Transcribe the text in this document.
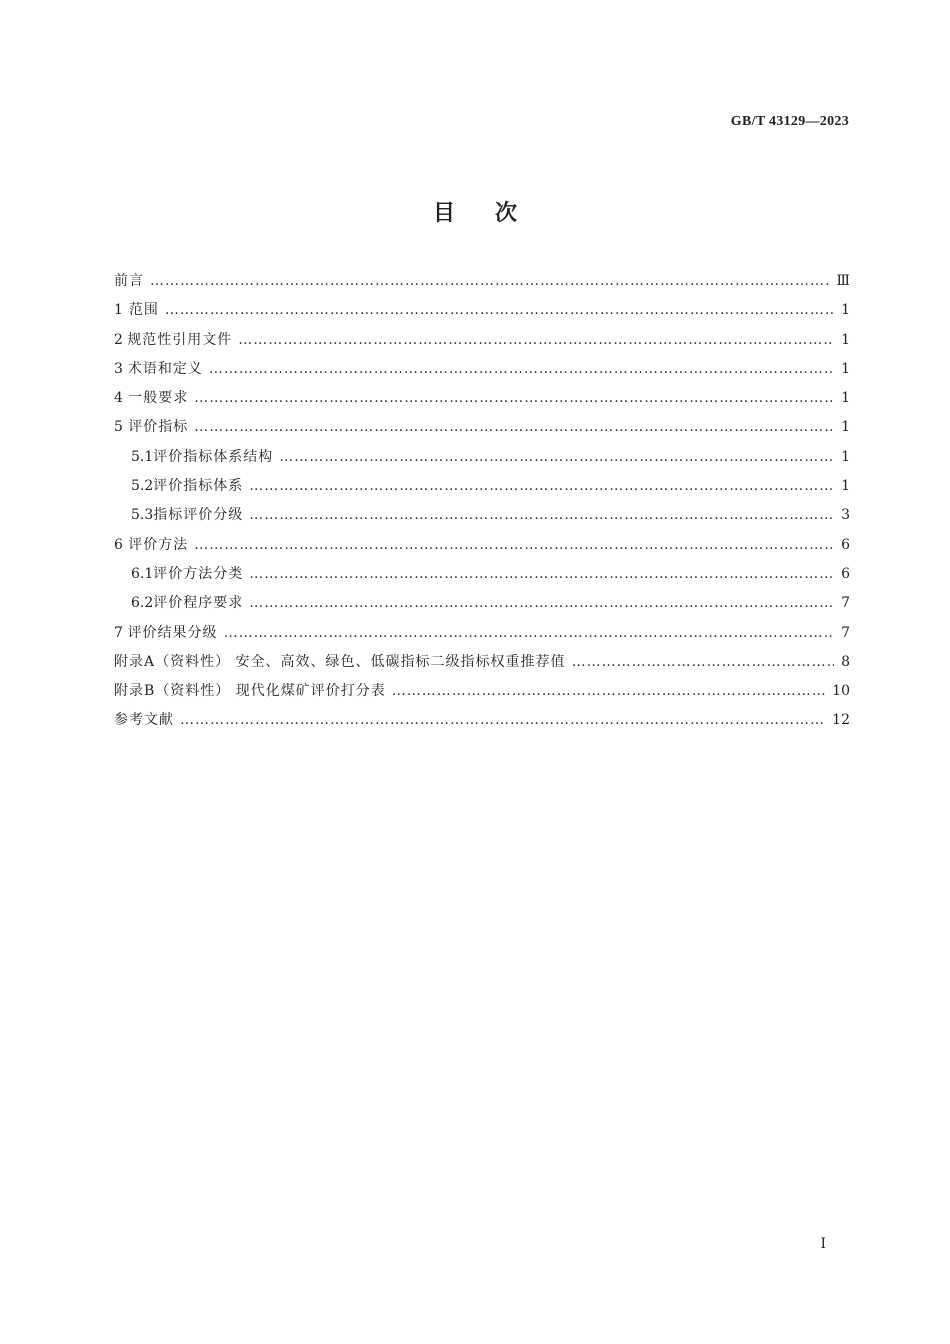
GB/T 43129—2023
目次
前言 ………………………………………………………………………………………………………………………………………………………………………………………………………………	Ⅲ
1 范围 ………………………………………………………………………………………………………………………………………………………………………………………………………………	1
2 规范性引用文件 ………………………………………………………………………………………………………………………………………………………………………………………………………………	1
3 术语和定义 ………………………………………………………………………………………………………………………………………………………………………………………………………………	1
4 一般要求 ………………………………………………………………………………………………………………………………………………………………………………………………………………	1
5 评价指标 ………………………………………………………………………………………………………………………………………………………………………………………………………………	1
5.1 评价指标体系结构 ………………………………………………………………………………………………………………………………………………………………………………………………………………	1
5.2 评价指标体系 ………………………………………………………………………………………………………………………………………………………………………………………………………………	1
5.3 指标评价分级 ………………………………………………………………………………………………………………………………………………………………………………………………………………	3
6 评价方法 ………………………………………………………………………………………………………………………………………………………………………………………………………………	6
6.1 评价方法分类 ………………………………………………………………………………………………………………………………………………………………………………………………………………	6
6.2 评价程序要求 ………………………………………………………………………………………………………………………………………………………………………………………………………………	7
7 评价结果分级 ………………………………………………………………………………………………………………………………………………………………………………………………………………	7
附录A（资料性） 安全、高效、绿色、低碳指标二级指标权重推荐值 ………………………………………………………………………………………………………………………………………………………………………………………………………………	8
附录B（资料性） 现代化煤矿评价打分表 ………………………………………………………………………………………………………………………………………………………………………………………………………………	10
参考文献 ………………………………………………………………………………………………………………………………………………………………………………………………………………	12
Ⅰ
